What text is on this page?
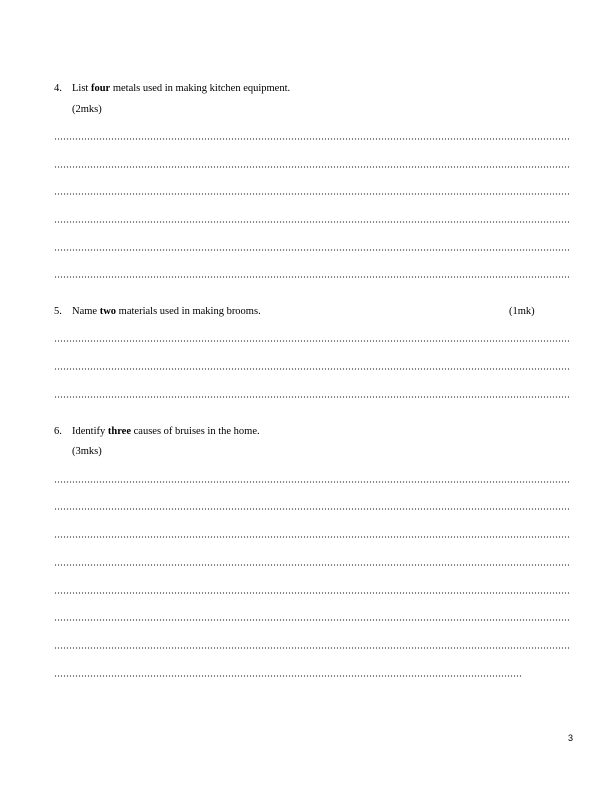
4. List four metals used in making kitchen equipment.
(2mks)
5. Name two materials used in making brooms.	(1mk)
6. Identify three causes of bruises in the home.
(3mks)
3
